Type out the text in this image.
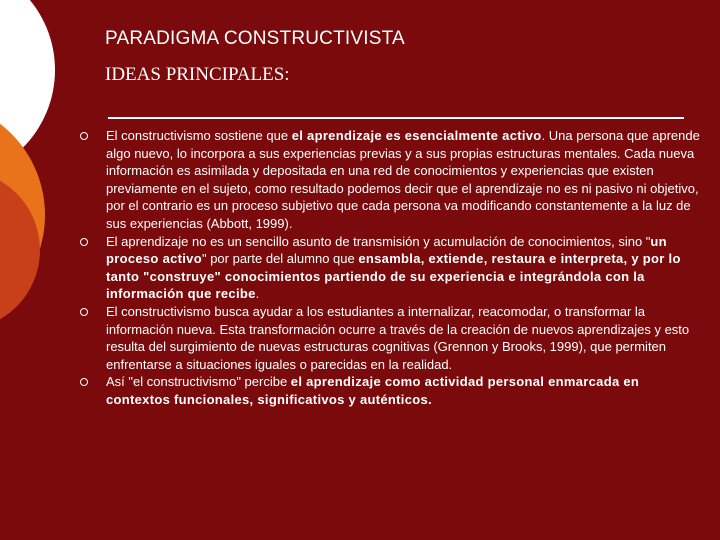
PARADIGMA CONSTRUCTIVISTA
IDEAS PRINCIPALES:
El constructivismo sostiene que el aprendizaje es esencialmente activo. Una persona que aprende algo nuevo, lo incorpora a sus experiencias previas y a sus propias estructuras mentales. Cada nueva información es asimilada y depositada en una red de conocimientos y experiencias que existen previamente en el sujeto, como resultado podemos decir que el aprendizaje no es ni pasivo ni objetivo, por el contrario es un proceso subjetivo que cada persona va modificando constantemente a la luz de sus experiencias (Abbott, 1999).
El aprendizaje no es un sencillo asunto de transmisión y acumulación de conocimientos, sino "un proceso activo" por parte del alumno que ensambla, extiende, restaura e interpreta, y por lo tanto "construye" conocimientos partiendo de su experiencia e integrándola con la información que recibe.
El constructivismo busca ayudar a los estudiantes a internalizar, reacomodar, o transformar la información nueva. Esta transformación ocurre a través de la creación de nuevos aprendizajes y esto resulta del surgimiento de nuevas estructuras cognitivas (Grennon y Brooks, 1999), que permiten enfrentarse a situaciones iguales o parecidas en la realidad.
Así "el constructivismo" percibe el aprendizaje como actividad personal enmarcada en contextos funcionales, significativos y auténticos.
